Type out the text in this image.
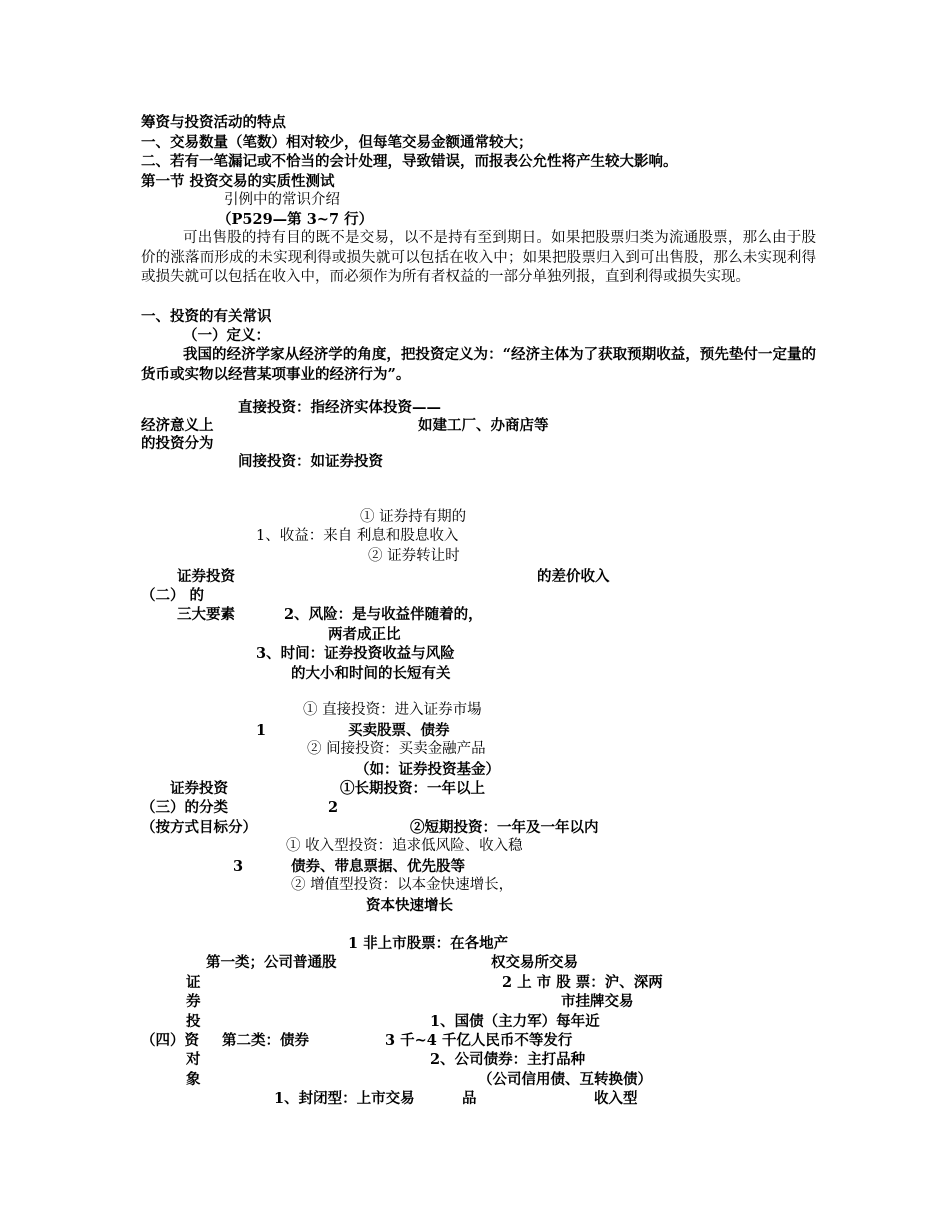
筹资与投资活动的特点
一、交易数量（笔数）相对较少，但每笔交易金额通常较大；
二、若有一笔漏记或不恰当的会计处理，导致错误，而报表公允性将产生较大影响。
第一节 投资交易的实质性测试
引例中的常识介绍
（P529—第 3~7 行）
可出售股的持有目的既不是交易，以不是持有至到期日。如果把股票归类为流通股票，那么由于股价的涨落而形成的未实现利得或损失就可以包括在收入中；如果把股票归入到可出售股，那么未实现利得或损失就可以包括在收入中，而必须作为所有者权益的一部分单独列报，直到利得或损失实现。
一、投资的有关常识
（一）定义：
我国的经济学家从经济学的角度，把投资定义为：“经济主体为了获取预期收益，预先垫付一定量的货币或实物以经营某项事业的经济行为”。
直接投资：指经济实体投资——
经济意义上	如建工厂、办商店等
的投资分为
间接投资：如证券投资
① 证券持有期的
1、收益：来自 利息和股息收入
② 证券转让时
证券投资	的差价收入
（二） 的
三大要素	2、风险：是与收益伴随着的，
两者成正比
3、时间：证券投资收益与风险
的大小和时间的长短有关
① 直接投资：进入证券市場
1	买卖股票、债券
② 间接投资：买卖金融产品
（如：证券投资基金）
证券投资	①长期投资：一年以上
（三）的分类	2
（按方式目标分）	②短期投资：一年及一年以内
① 收入型投资：追求低风险、收入稳
3	债券、带息票据、优先股等
② 增值型投资：以本金快速增长，
资本快速增长
1 非上市股票：在各地产
第一类；公司普通股	权交易所交易
证	2 上 市 股 票：沪、深两
券	市挂牌交易
投	1、国债（主力军）每年近
（四）资 第二类：债券	3 千~4 千亿人民币不等发行
对	2、公司债券：主打品种
象	（公司信用债、互转换债）
1、封闭型：上市交易	品	收入型
